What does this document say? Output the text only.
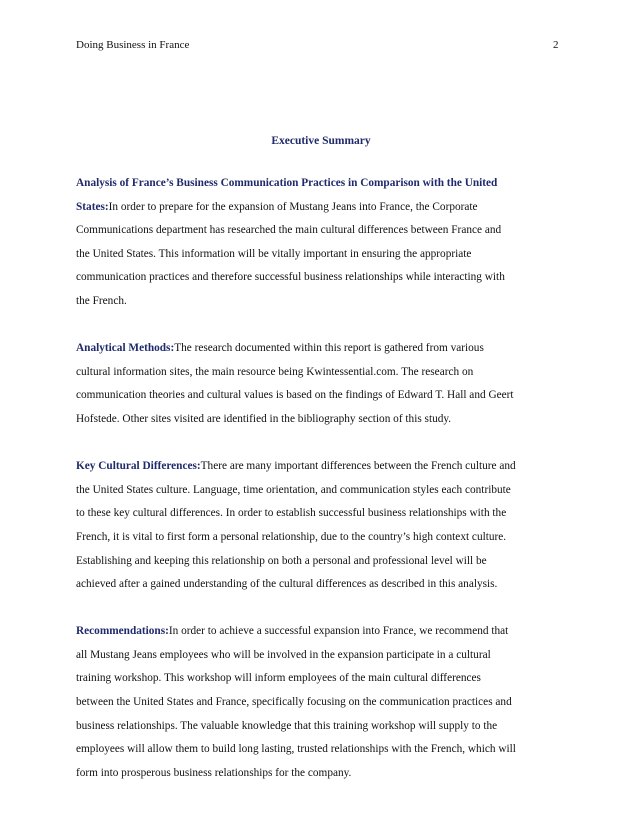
Doing Business in France	2
Executive Summary
Analysis of France’s Business Communication Practices in Comparison with the United
States:In order to prepare for the expansion of Mustang Jeans into France, the Corporate
Communications department has researched the main cultural differences between France and
the United States. This information will be vitally important in ensuring the appropriate
communication practices and therefore successful business relationships while interacting with
the French.
Analytical Methods:The research documented within this report is gathered from various
cultural information sites, the main resource being Kwintessential.com. The research on
communication theories and cultural values is based on the findings of Edward T. Hall and Geert
Hofstede. Other sites visited are identified in the bibliography section of this study.
Key Cultural Differences:There are many important differences between the French culture and
the United States culture. Language, time orientation, and communication styles each contribute
to these key cultural differences. In order to establish successful business relationships with the
French, it is vital to first form a personal relationship, due to the country’s high context culture.
Establishing and keeping this relationship on both a personal and professional level will be
achieved after a gained understanding of the cultural differences as described in this analysis.
Recommendations:In order to achieve a successful expansion into France, we recommend that
all Mustang Jeans employees who will be involved in the expansion participate in a cultural
training workshop. This workshop will inform employees of the main cultural differences
between the United States and France, specifically focusing on the communication practices and
business relationships. The valuable knowledge that this training workshop will supply to the
employees will allow them to build long lasting, trusted relationships with the French, which will
form into prosperous business relationships for the company.
